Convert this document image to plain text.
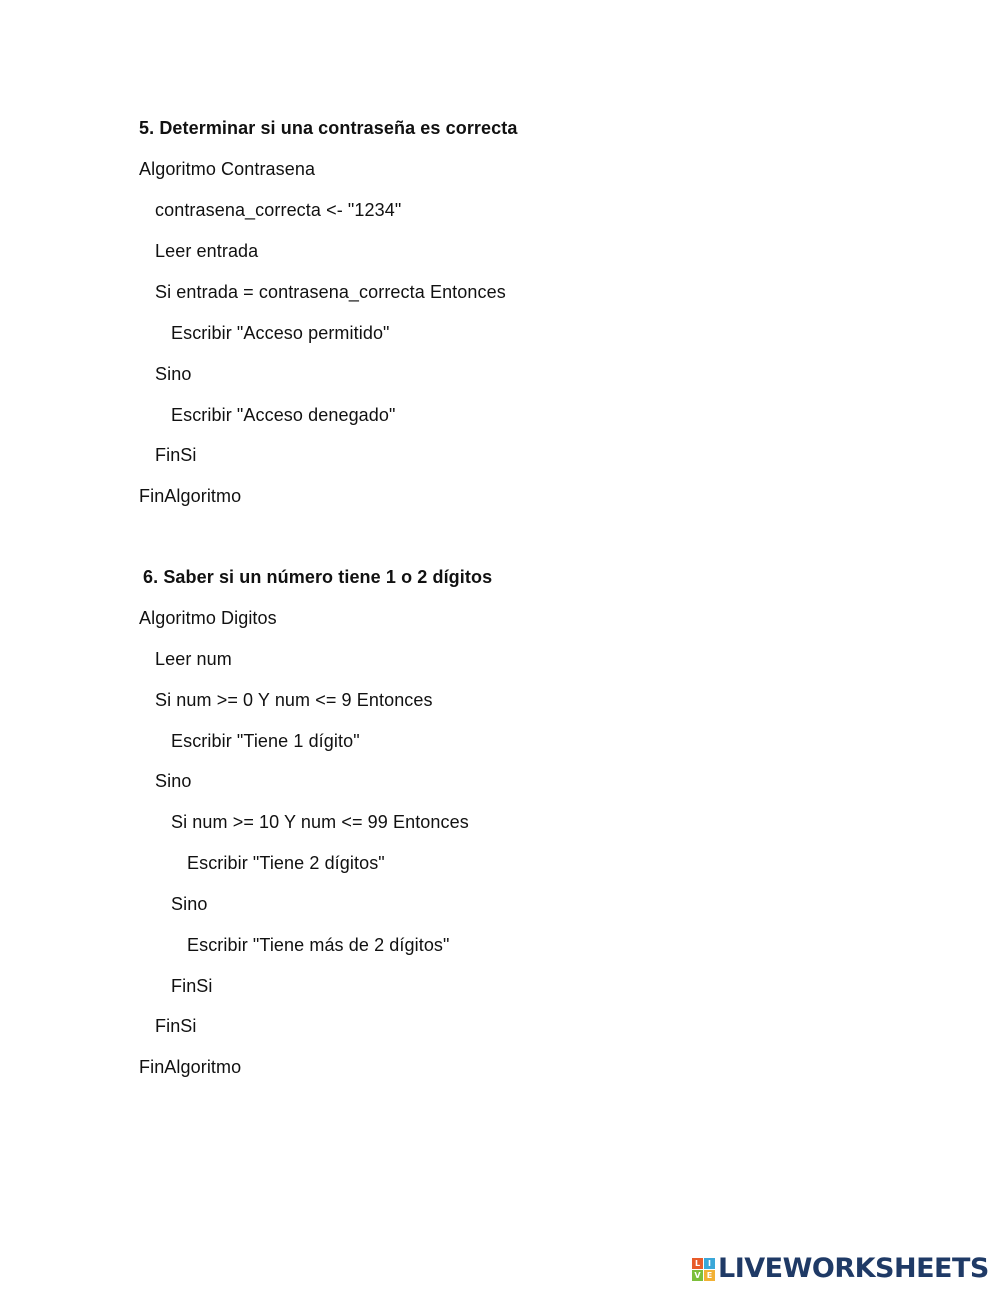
5. Determinar si una contraseña es correcta
Algoritmo Contrasena
contrasena_correcta <- "1234"
Leer entrada
Si entrada = contrasena_correcta Entonces
Escribir "Acceso permitido"
Sino
Escribir "Acceso denegado"
FinSi
FinAlgoritmo
6. Saber si un número tiene 1 o 2 dígitos
Algoritmo Digitos
Leer num
Si num >= 0 Y num <= 9 Entonces
Escribir "Tiene 1 dígito"
Sino
Si num >= 10 Y num <= 99 Entonces
Escribir "Tiene 2 dígitos"
Sino
Escribir "Tiene más de 2 dígitos"
FinSi
FinSi
FinAlgoritmo
L I
V E LIVEWORKSHEETS
